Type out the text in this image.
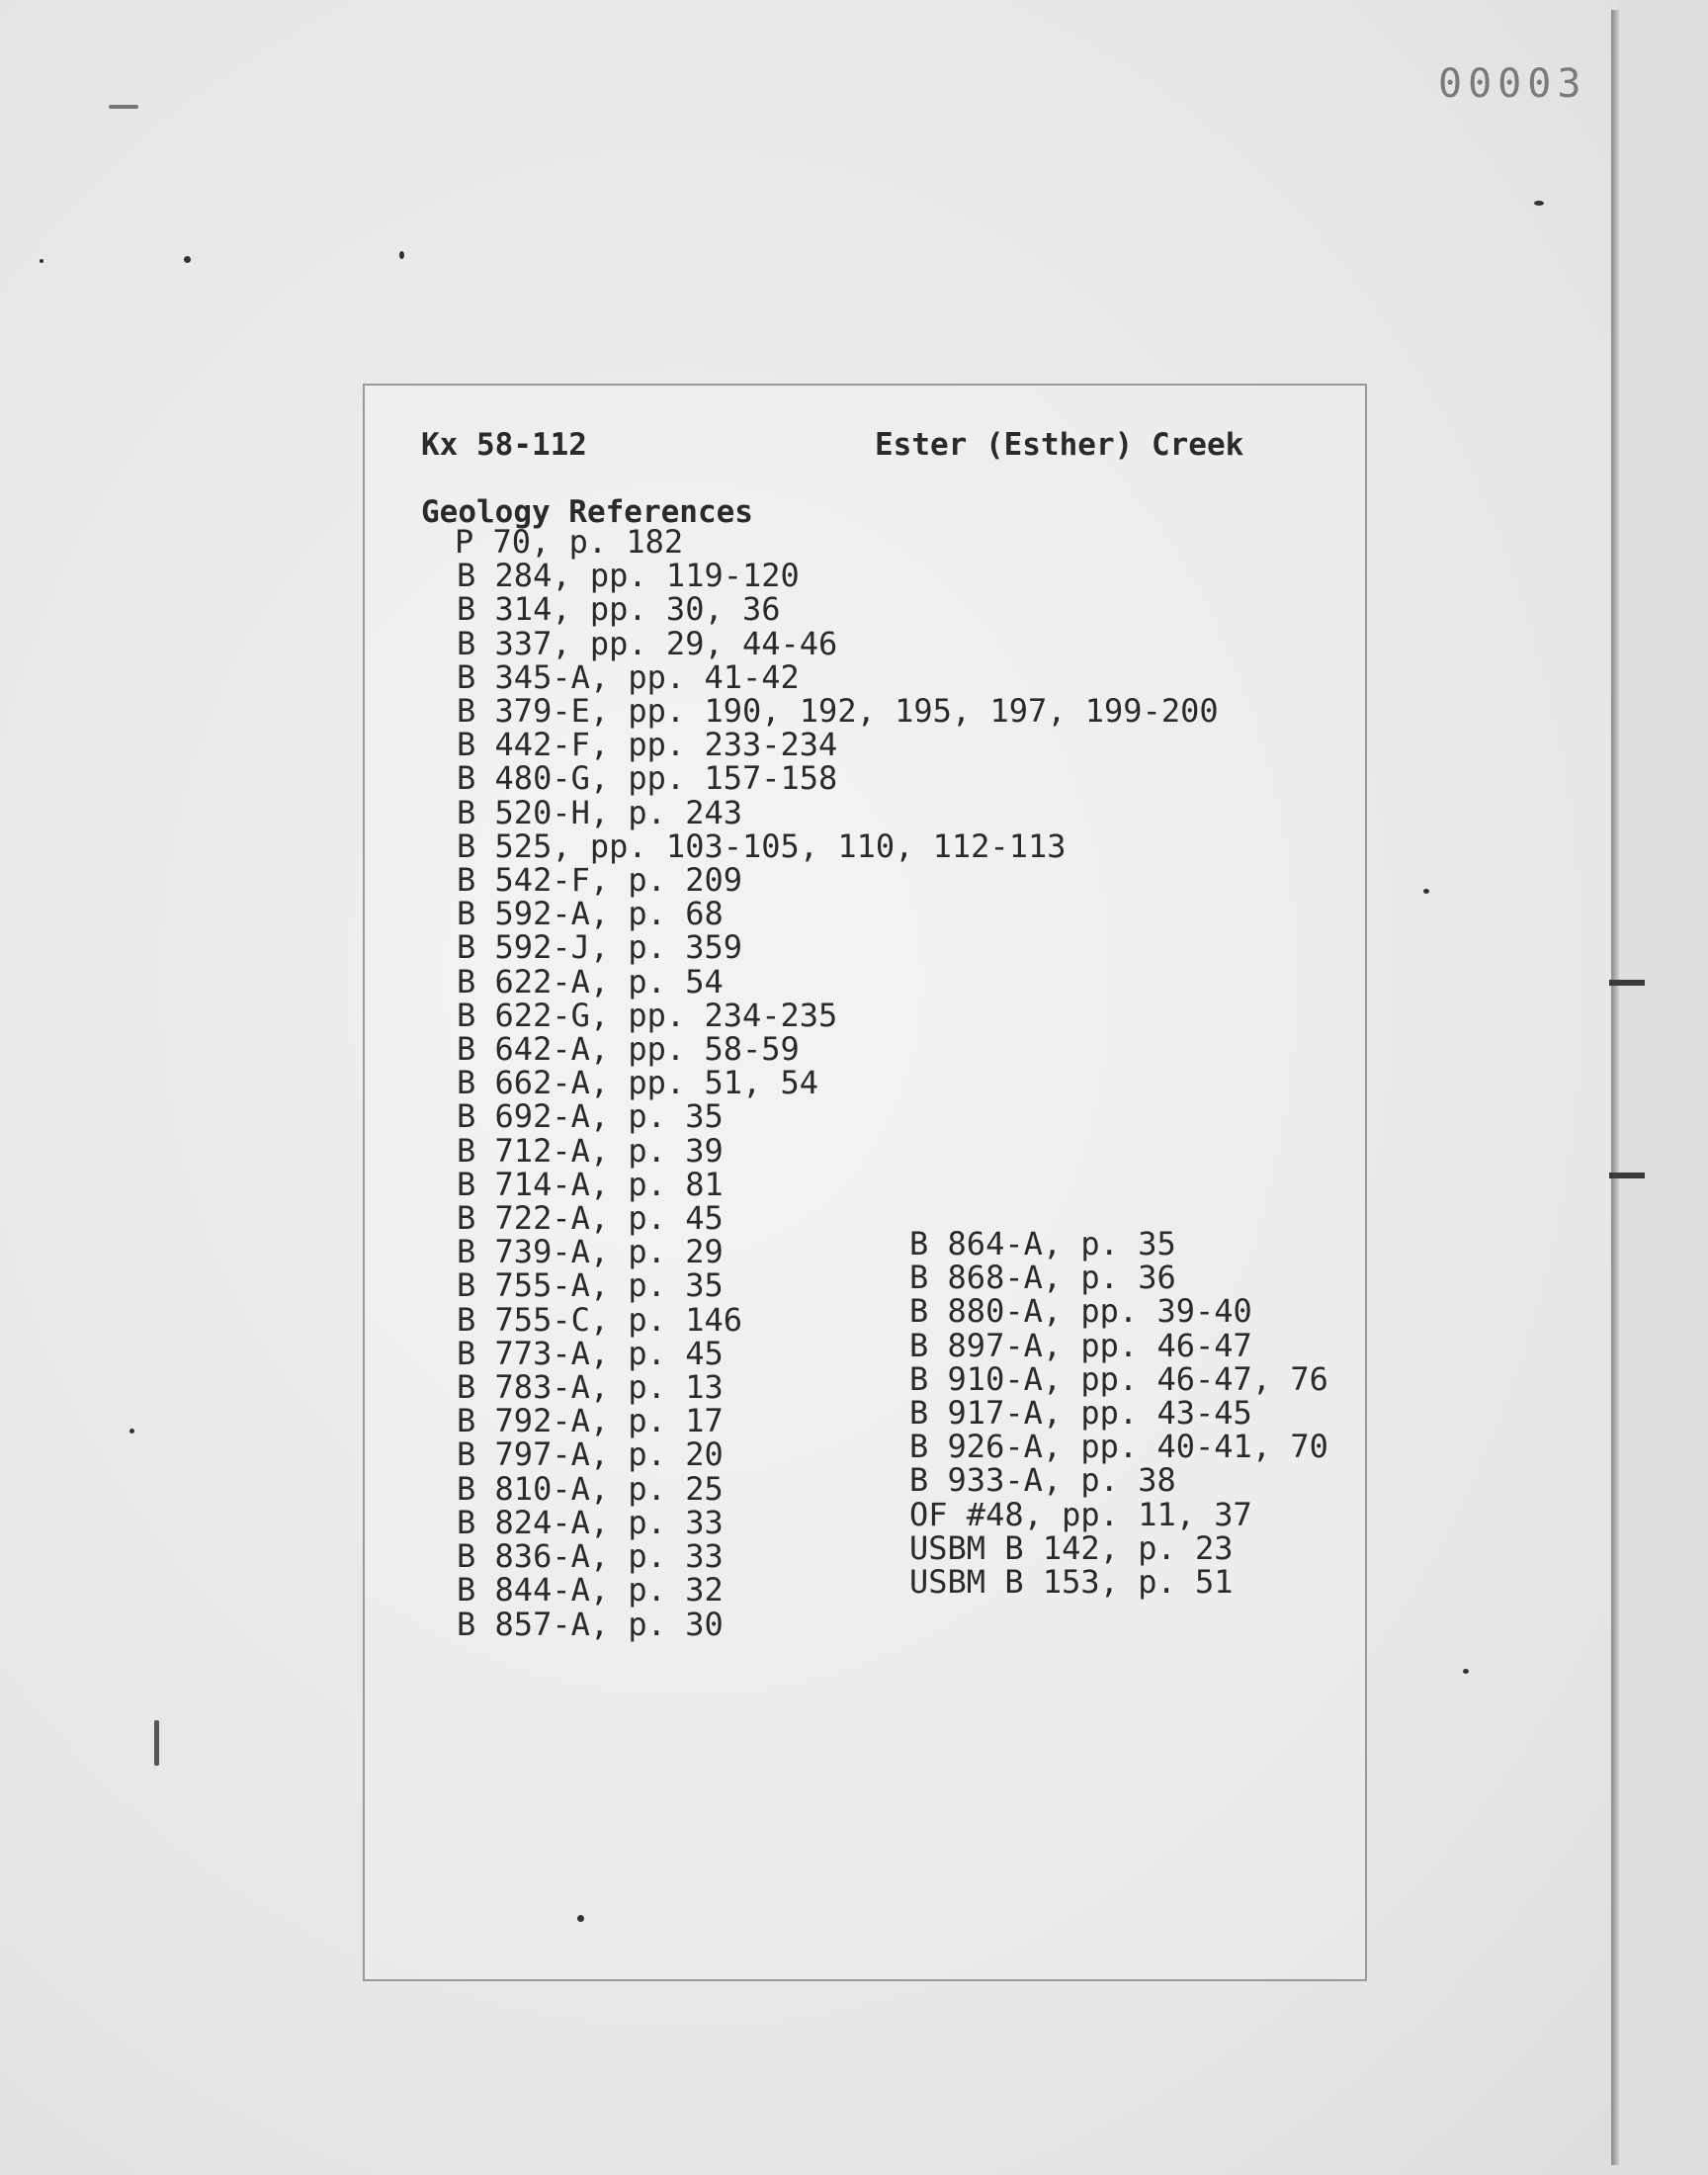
00003
Kx 58-112	Ester (Esther) Creek
Geology References
P 70, p. 182
B 284, pp. 119-120
B 314, pp. 30, 36
B 337, pp. 29, 44-46
B 345-A, pp. 41-42
B 379-E, pp. 190, 192, 195, 197, 199-200
B 442-F, pp. 233-234
B 480-G, pp. 157-158
B 520-H, p. 243
B 525, pp. 103-105, 110, 112-113
B 542-F, p. 209
B 592-A, p. 68
B 592-J, p. 359
B 622-A, p. 54
B 622-G, pp. 234-235
B 642-A, pp. 58-59
B 662-A, pp. 51, 54
B 692-A, p. 35
B 712-A, p. 39
B 714-A, p. 81
B 722-A, p. 45
B 739-A, p. 29
B 755-A, p. 35
B 755-C, p. 146
B 773-A, p. 45
B 783-A, p. 13
B 792-A, p. 17
B 797-A, p. 20
B 810-A, p. 25
B 824-A, p. 33
B 836-A, p. 33
B 844-A, p. 32
B 857-A, p. 30
B 864-A, p. 35
B 868-A, p. 36
B 880-A, pp. 39-40
B 897-A, pp. 46-47
B 910-A, pp. 46-47, 76
B 917-A, pp. 43-45
B 926-A, pp. 40-41, 70
B 933-A, p. 38
OF #48, pp. 11, 37
USBM B 142, p. 23
USBM B 153, p. 51
